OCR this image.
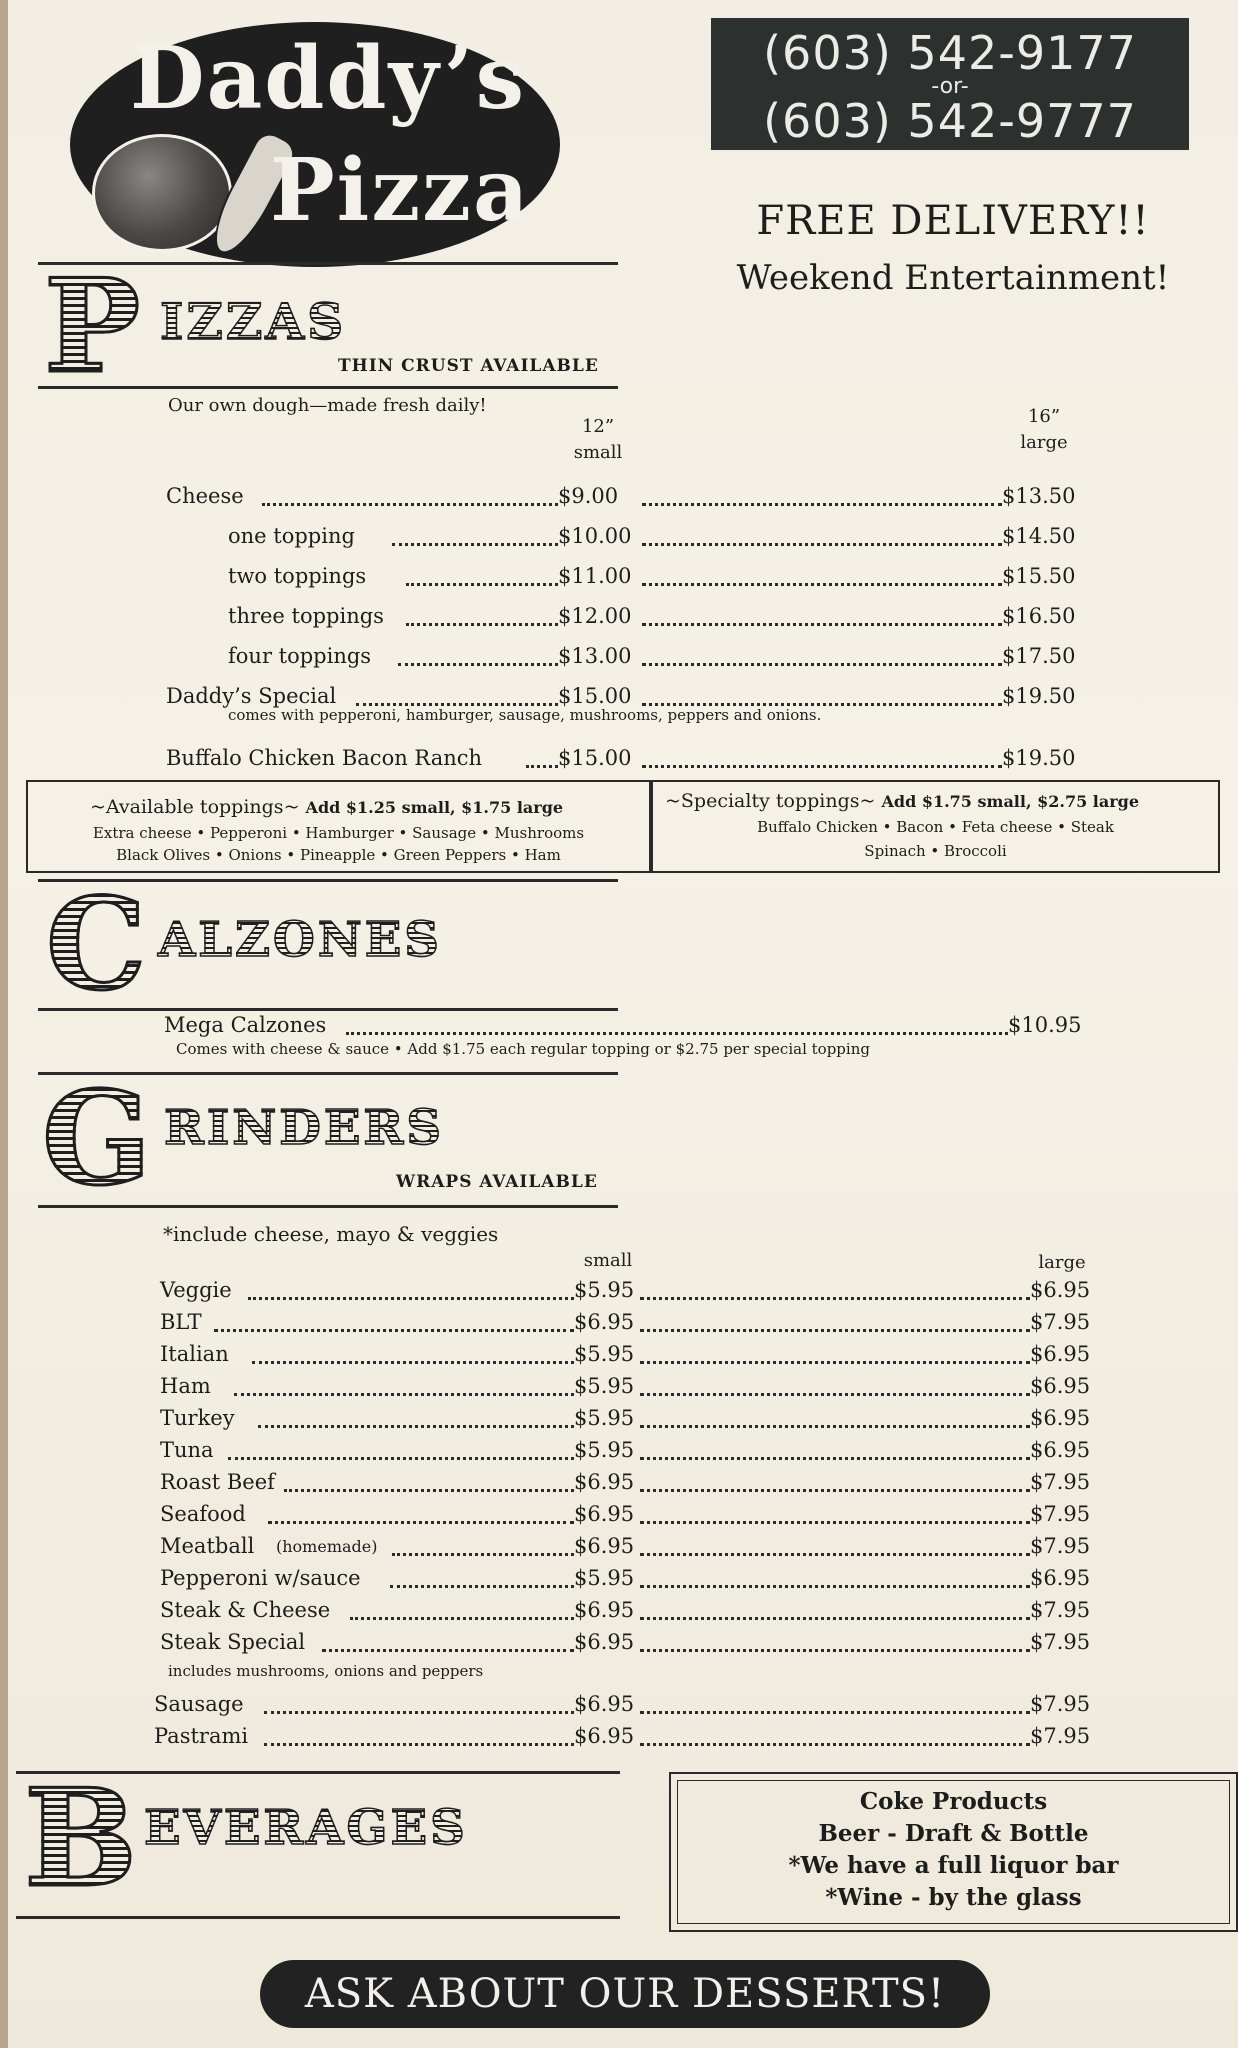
Daddy’s
Pizza
(603) 542-9177
-or-
(603) 542-9777
FREE DELIVERY!!
Weekend Entertainment!
P IZZAS
THIN CRUST AVAILABLE
Our own dough—made fresh daily!
12”
small
16”
large
Cheese	$9.00	$13.50
one topping	$10.00	$14.50
two toppings	$11.00	$15.50
three toppings	$12.00	$16.50
four toppings	$13.00	$17.50
Daddy’s Special	$15.00	$19.50
Buffalo Chicken Bacon Ranch	$15.00	$19.50
comes with pepperoni, hamburger, sausage, mushrooms, peppers and onions.
~Available toppings~ Add $1.25 small, $1.75 large
Extra cheese • Pepperoni • Hamburger • Sausage • Mushrooms
Black Olives • Onions • Pineapple • Green Peppers • Ham
~Specialty toppings~ Add $1.75 small, $2.75 large
Buffalo Chicken • Bacon • Feta cheese • Steak
Spinach • Broccoli
C ALZONES
Mega Calzones	$10.95
Comes with cheese & sauce • Add $1.75 each regular topping or $2.75 per special topping
G RINDERS
WRAPS AVAILABLE
*include cheese, mayo & veggies
small	large
Veggie	$5.95	$6.95
BLT	$6.95	$7.95
Italian	$5.95	$6.95
Ham	$5.95	$6.95
Turkey	$5.95	$6.95
Tuna	$5.95	$6.95
Roast Beef	$6.95	$7.95
Seafood	$6.95	$7.95
Meatball (homemade)	$6.95	$7.95
Pepperoni w/sauce	$5.95	$6.95
Steak & Cheese	$6.95	$7.95
Steak Special	$6.95	$7.95
Sausage	$6.95	$7.95
Pastrami	$6.95	$7.95
includes mushrooms, onions and peppers
B EVERAGES	Coke Products
Beer - Draft & Bottle
*We have a full liquor bar
*Wine - by the glass
ASK ABOUT OUR DESSERTS!
